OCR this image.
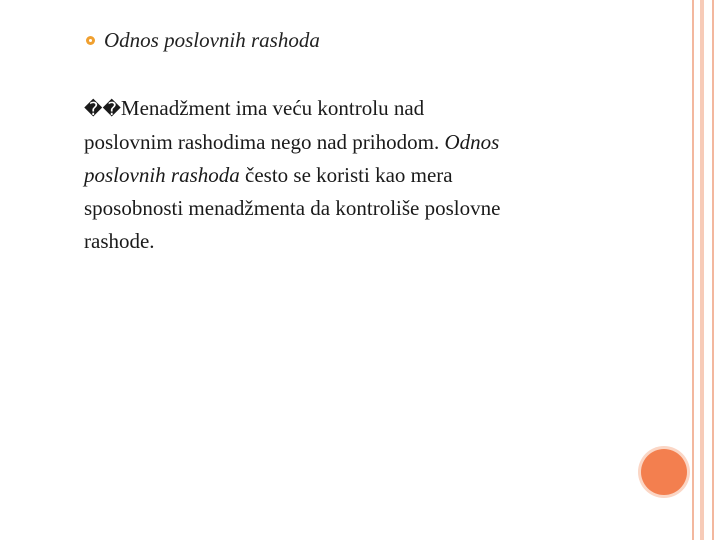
Odnos poslovnih rashoda
��Menadžment ima veću kontrolu nad poslovnim rashodima nego nad prihodom. Odnos poslovnih rashoda često se koristi kao mera sposobnosti menadžmenta da kontroliše poslovne rashode.
